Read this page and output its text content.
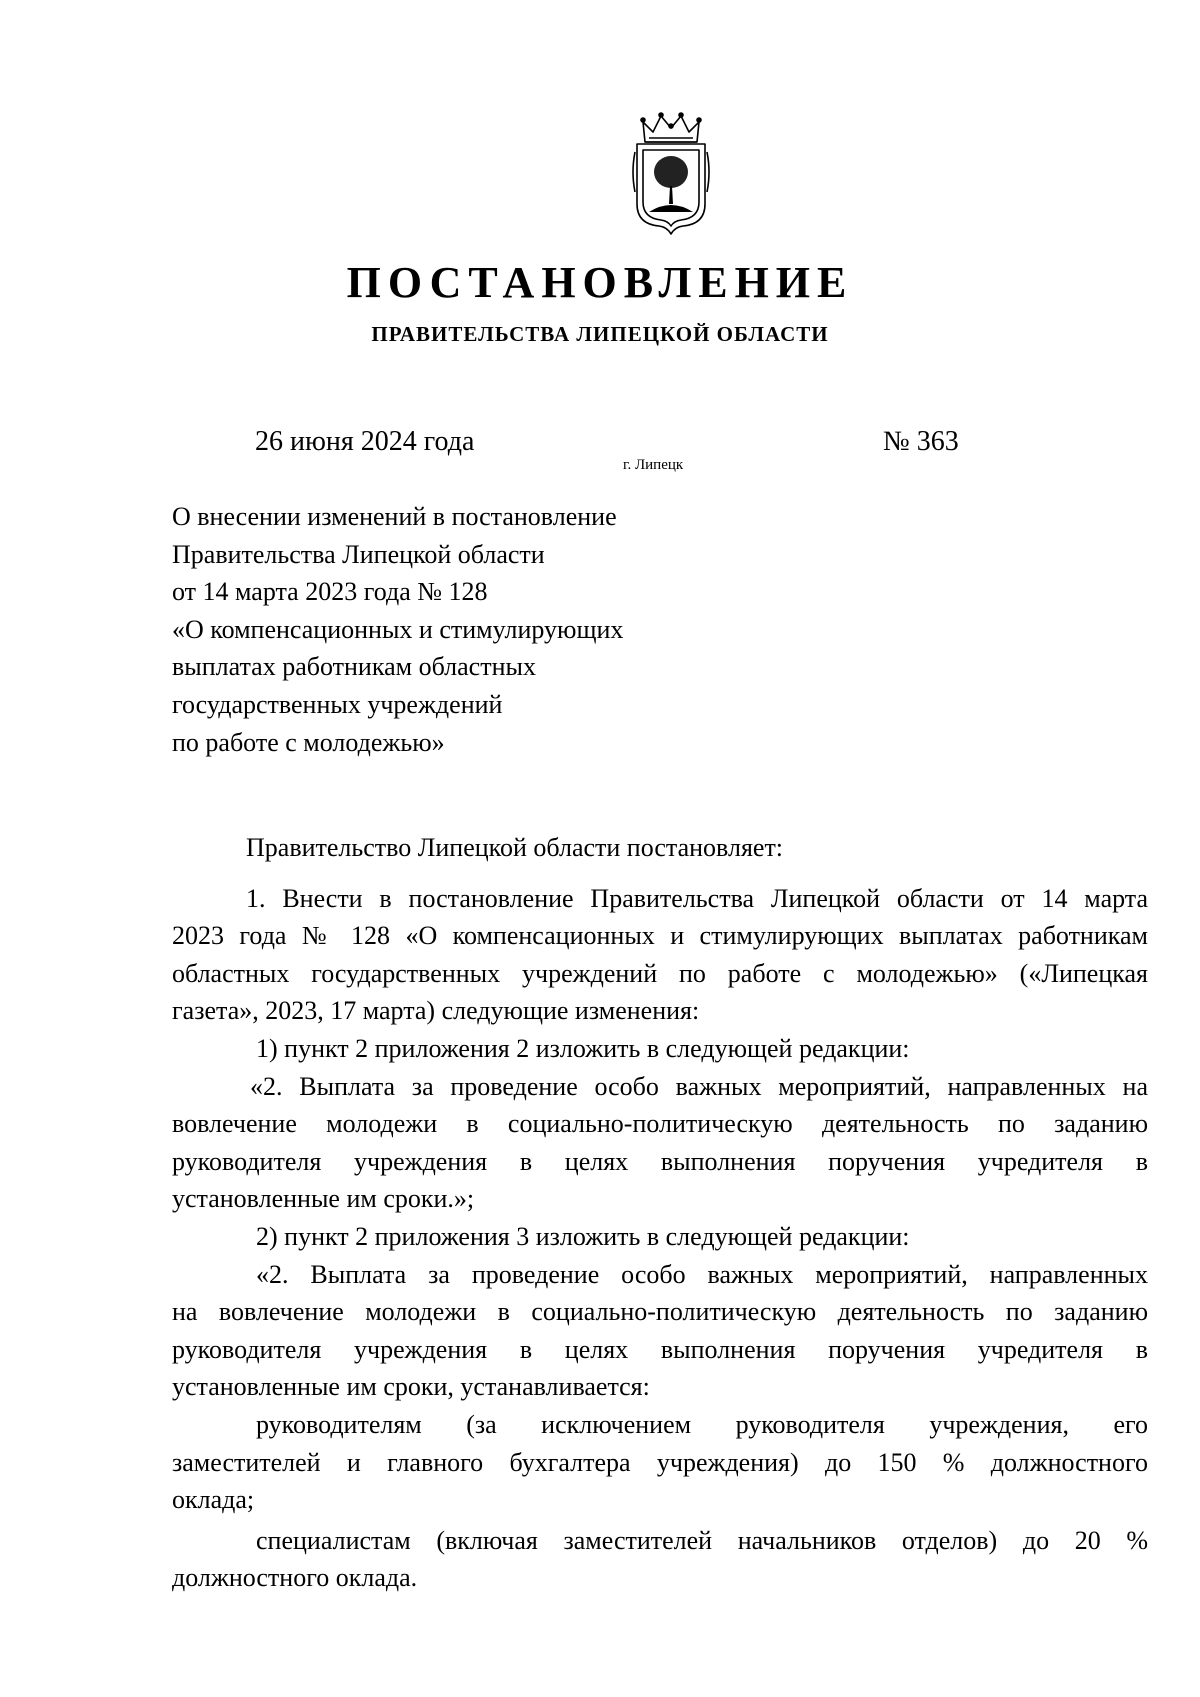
ПОСТАНОВЛЕНИЕ
ПРАВИТЕЛЬСТВА ЛИПЕЦКОЙ ОБЛАСТИ
26 июня 2024 года
г. Липецк
№ 363
О внесении изменений в постановление
Правительства Липецкой области
от 14 марта 2023 года № 128
«О компенсационных и стимулирующих
выплатах работникам областных
государственных учреждений
по работе с молодежью»
Правительство Липецкой области постановляет:
1. Внести в постановление Правительства Липецкой области от 14 марта
2023 года № 128 «О компенсационных и стимулирующих выплатах работникам
областных государственных учреждений по работе с молодежью» («Липецкая
газета», 2023, 17 марта) следующие изменения:
1) пункт 2 приложения 2 изложить в следующей редакции:
«2. Выплата за проведение особо важных мероприятий, направленных на
вовлечение молодежи в социально-политическую деятельность по заданию
руководителя учреждения в целях выполнения поручения учредителя в
установленные им сроки.»;
2) пункт 2 приложения 3 изложить в следующей редакции:
«2. Выплата за проведение особо важных мероприятий, направленных
на вовлечение молодежи в социально-политическую деятельность по заданию
руководителя учреждения в целях выполнения поручения учредителя в
установленные им сроки, устанавливается:
руководителям (за исключением руководителя учреждения, его
заместителей и главного бухгалтера учреждения) до 150 % должностного
оклада;
специалистам (включая заместителей начальников отделов) до 20 %
должностного оклада.
